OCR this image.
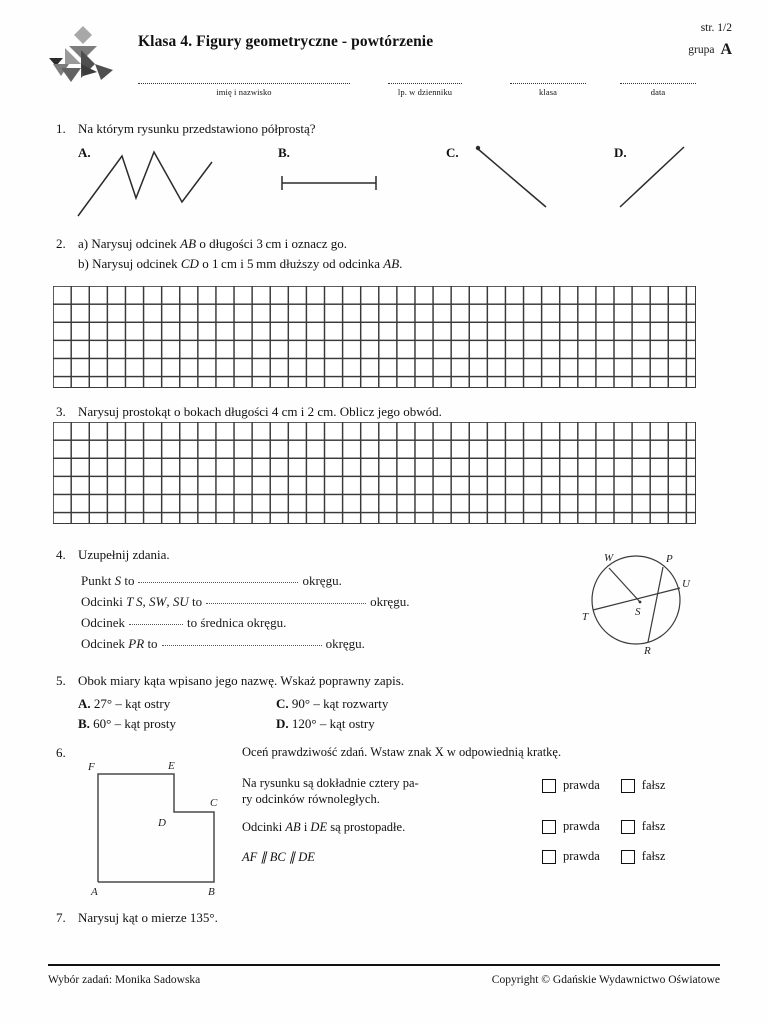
Klasa 4. Figury geometryczne - powtórzenie
str. 1/2
grupa A
imię i nazwisko	lp. w dzienniku	klasa	data
1. Na którym rysunku przedstawiono półprostą?
A.	B.	C.	D.
2. a) Narysuj odcinek AB o długości 3 cm i oznacz go.
b) Narysuj odcinek CD o 1 cm i 5 mm dłuższy od odcinka AB.
3. Narysuj prostokąt o bokach długości 4 cm i 2 cm. Oblicz jego obwód.
4. Uzupełnij zdania.
Punkt S to	okręgu.
Odcinki T S, SW, SU to	okręgu.
Odcinek	to średnica okręgu.
Odcinek PR to	okręgu.
W	P
U
T
R
S
5. Obok miary kąta wpisano jego nazwę. Wskaż poprawny zapis.
A. 27° – kąt ostry
B. 60° – kąt prosty
C. 90° – kąt rozwarty
D. 120° – kąt ostry
6.
F	E
C
D
A	B
Oceń prawdziwość zdań. Wstaw znak X w odpowiednią kratkę.
Na rysunku są dokładnie cztery pa-
ry odcinków równoległych.
prawda	fałsz
Odcinki AB i DE są prostopadłe.	prawda	fałsz
AF ∥ BC ∥ DE	prawda	fałsz
7. Narysuj kąt o mierze 135°.
Wybór zadań: Monika Sadowska	Copyright © Gdańskie Wydawnictwo Oświatowe
